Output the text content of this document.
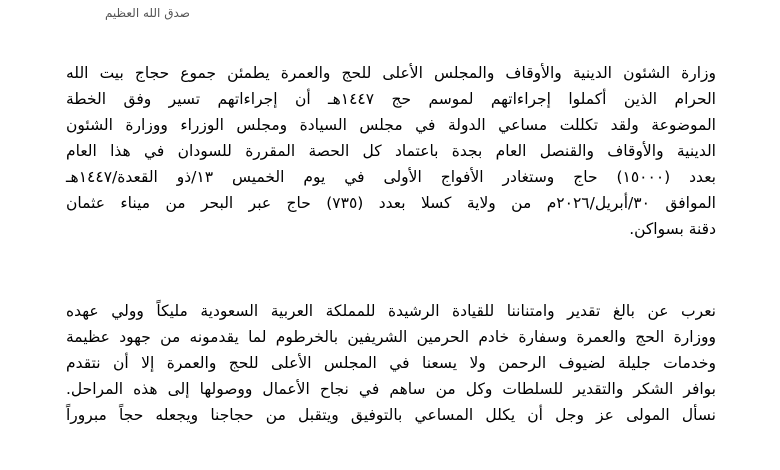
صدق الله العظيم
وزارة الشئون الدينية والأوقاف والمجلس الأعلى للحج والعمرة يطمئن جموع حجاج بيت الله
الحرام الذين أكملوا إجراءاتهم لموسم حج ١٤٤٧هـ أن إجراءاتهم تسير وفق الخطة
الموضوعة ولقد تكللت مساعي الدولة في مجلس السيادة ومجلس الوزراء ووزارة الشئون
الدينية والأوقاف والقنصل العام بجدة باعتماد كل الحصة المقررة للسودان في هذا العام
بعدد (١٥٠٠٠) حاج وستغادر الأفواج الأولى في يوم الخميس ١٣/ذو القعدة/١٤٤٧هـ
الموافق ٣٠/أبريل/٢٠٢٦م من ولاية كسلا بعدد (٧٣٥) حاج عبر البحر من ميناء عثمان
دقنة بسواكن.
نعرب عن بالغ تقدير وامتناننا للقيادة الرشيدة للمملكة العربية السعودية مليكاً وولي عهده
ووزارة الحج والعمرة وسفارة خادم الحرمين الشريفين بالخرطوم لما يقدمونه من جهود عظيمة
وخدمات جليلة لضيوف الرحمن ولا يسعنا في المجلس الأعلى للحج والعمرة إلا أن نتقدم
بوافر الشكر والتقدير للسلطات وكل من ساهم في نجاح الأعمال ووصولها إلى هذه المراحل.
نسأل المولى عز وجل أن يكلل المساعي بالتوفيق ويتقبل من حجاجنا ويجعله حجاً مبروراً
